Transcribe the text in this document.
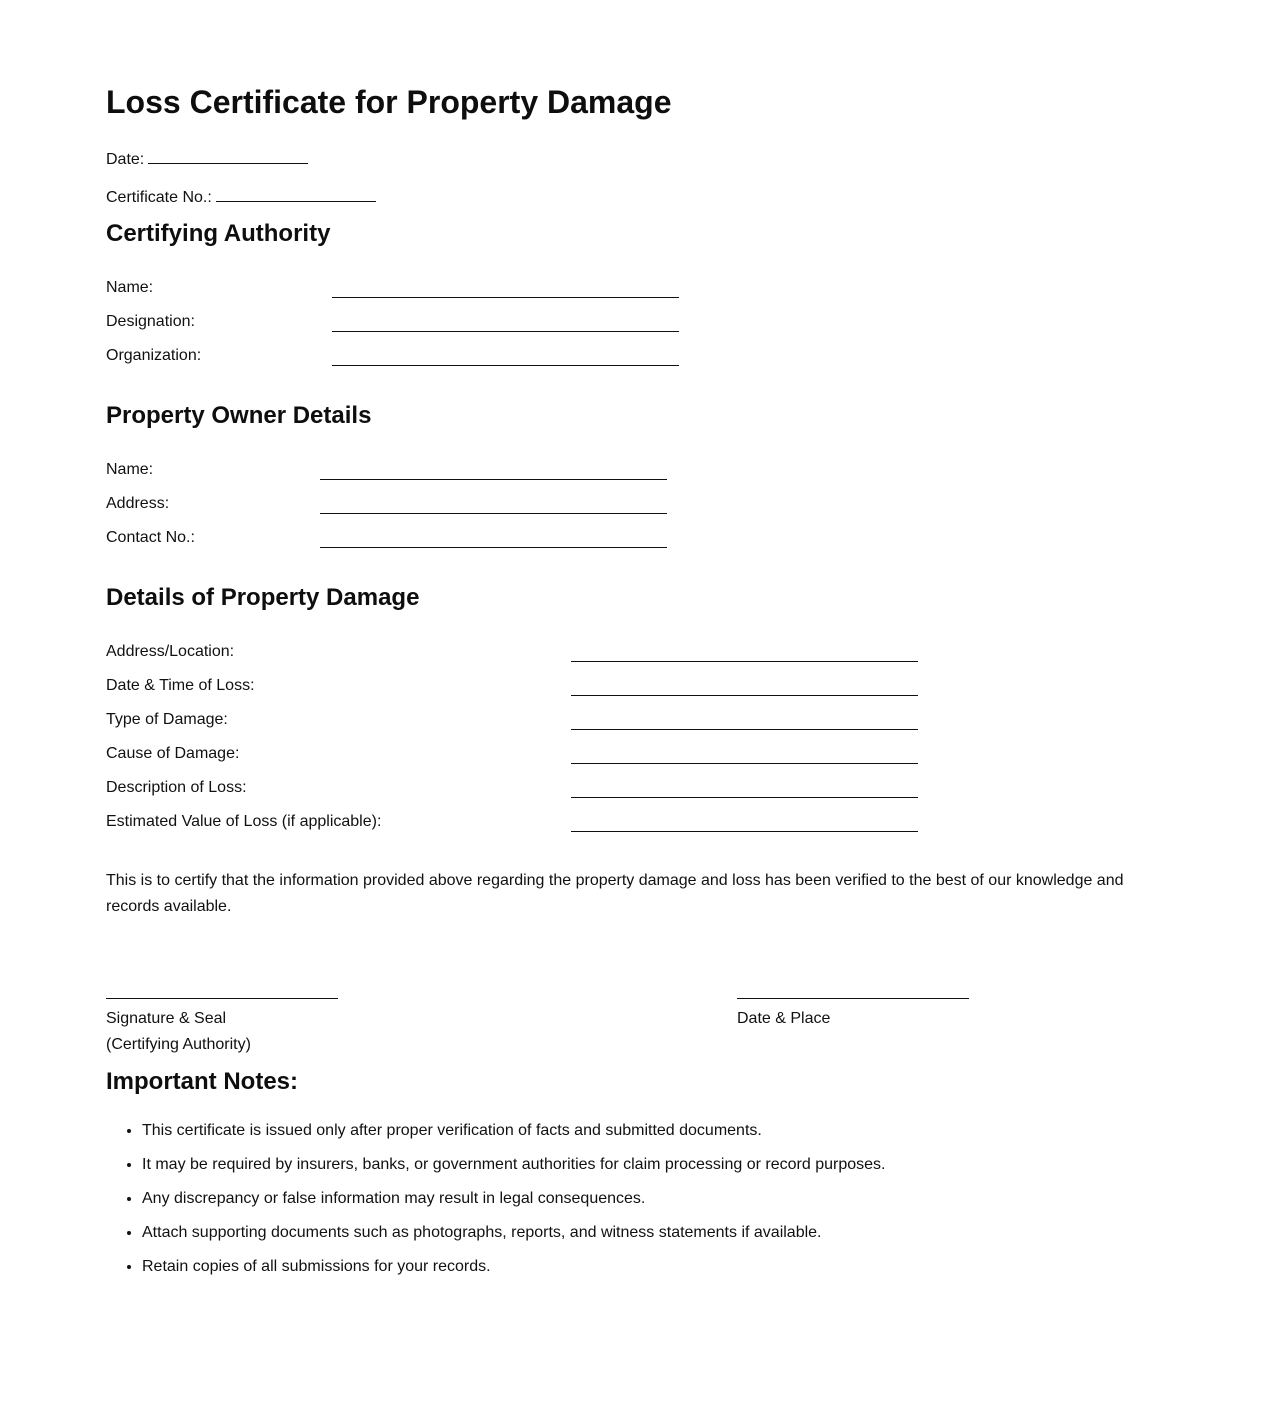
Loss Certificate for Property Damage
Date:
Certificate No.:
Certifying Authority
Name:
Designation:
Organization:
Property Owner Details
Name:
Address:
Contact No.:
Details of Property Damage
Address/Location:
Date & Time of Loss:
Type of Damage:
Cause of Damage:
Description of Loss:
Estimated Value of Loss (if applicable):

This is to certify that the information provided above regarding the property damage and loss has been verified to the best of our knowledge and records available.

Signature & Seal
(Certifying Authority)
Date & Place
Important Notes:
• This certificate is issued only after proper verification of facts and submitted documents.
• It may be required by insurers, banks, or government authorities for claim processing or record purposes.
• Any discrepancy or false information may result in legal consequences.
• Attach supporting documents such as photographs, reports, and witness statements if available.
• Retain copies of all submissions for your records.
